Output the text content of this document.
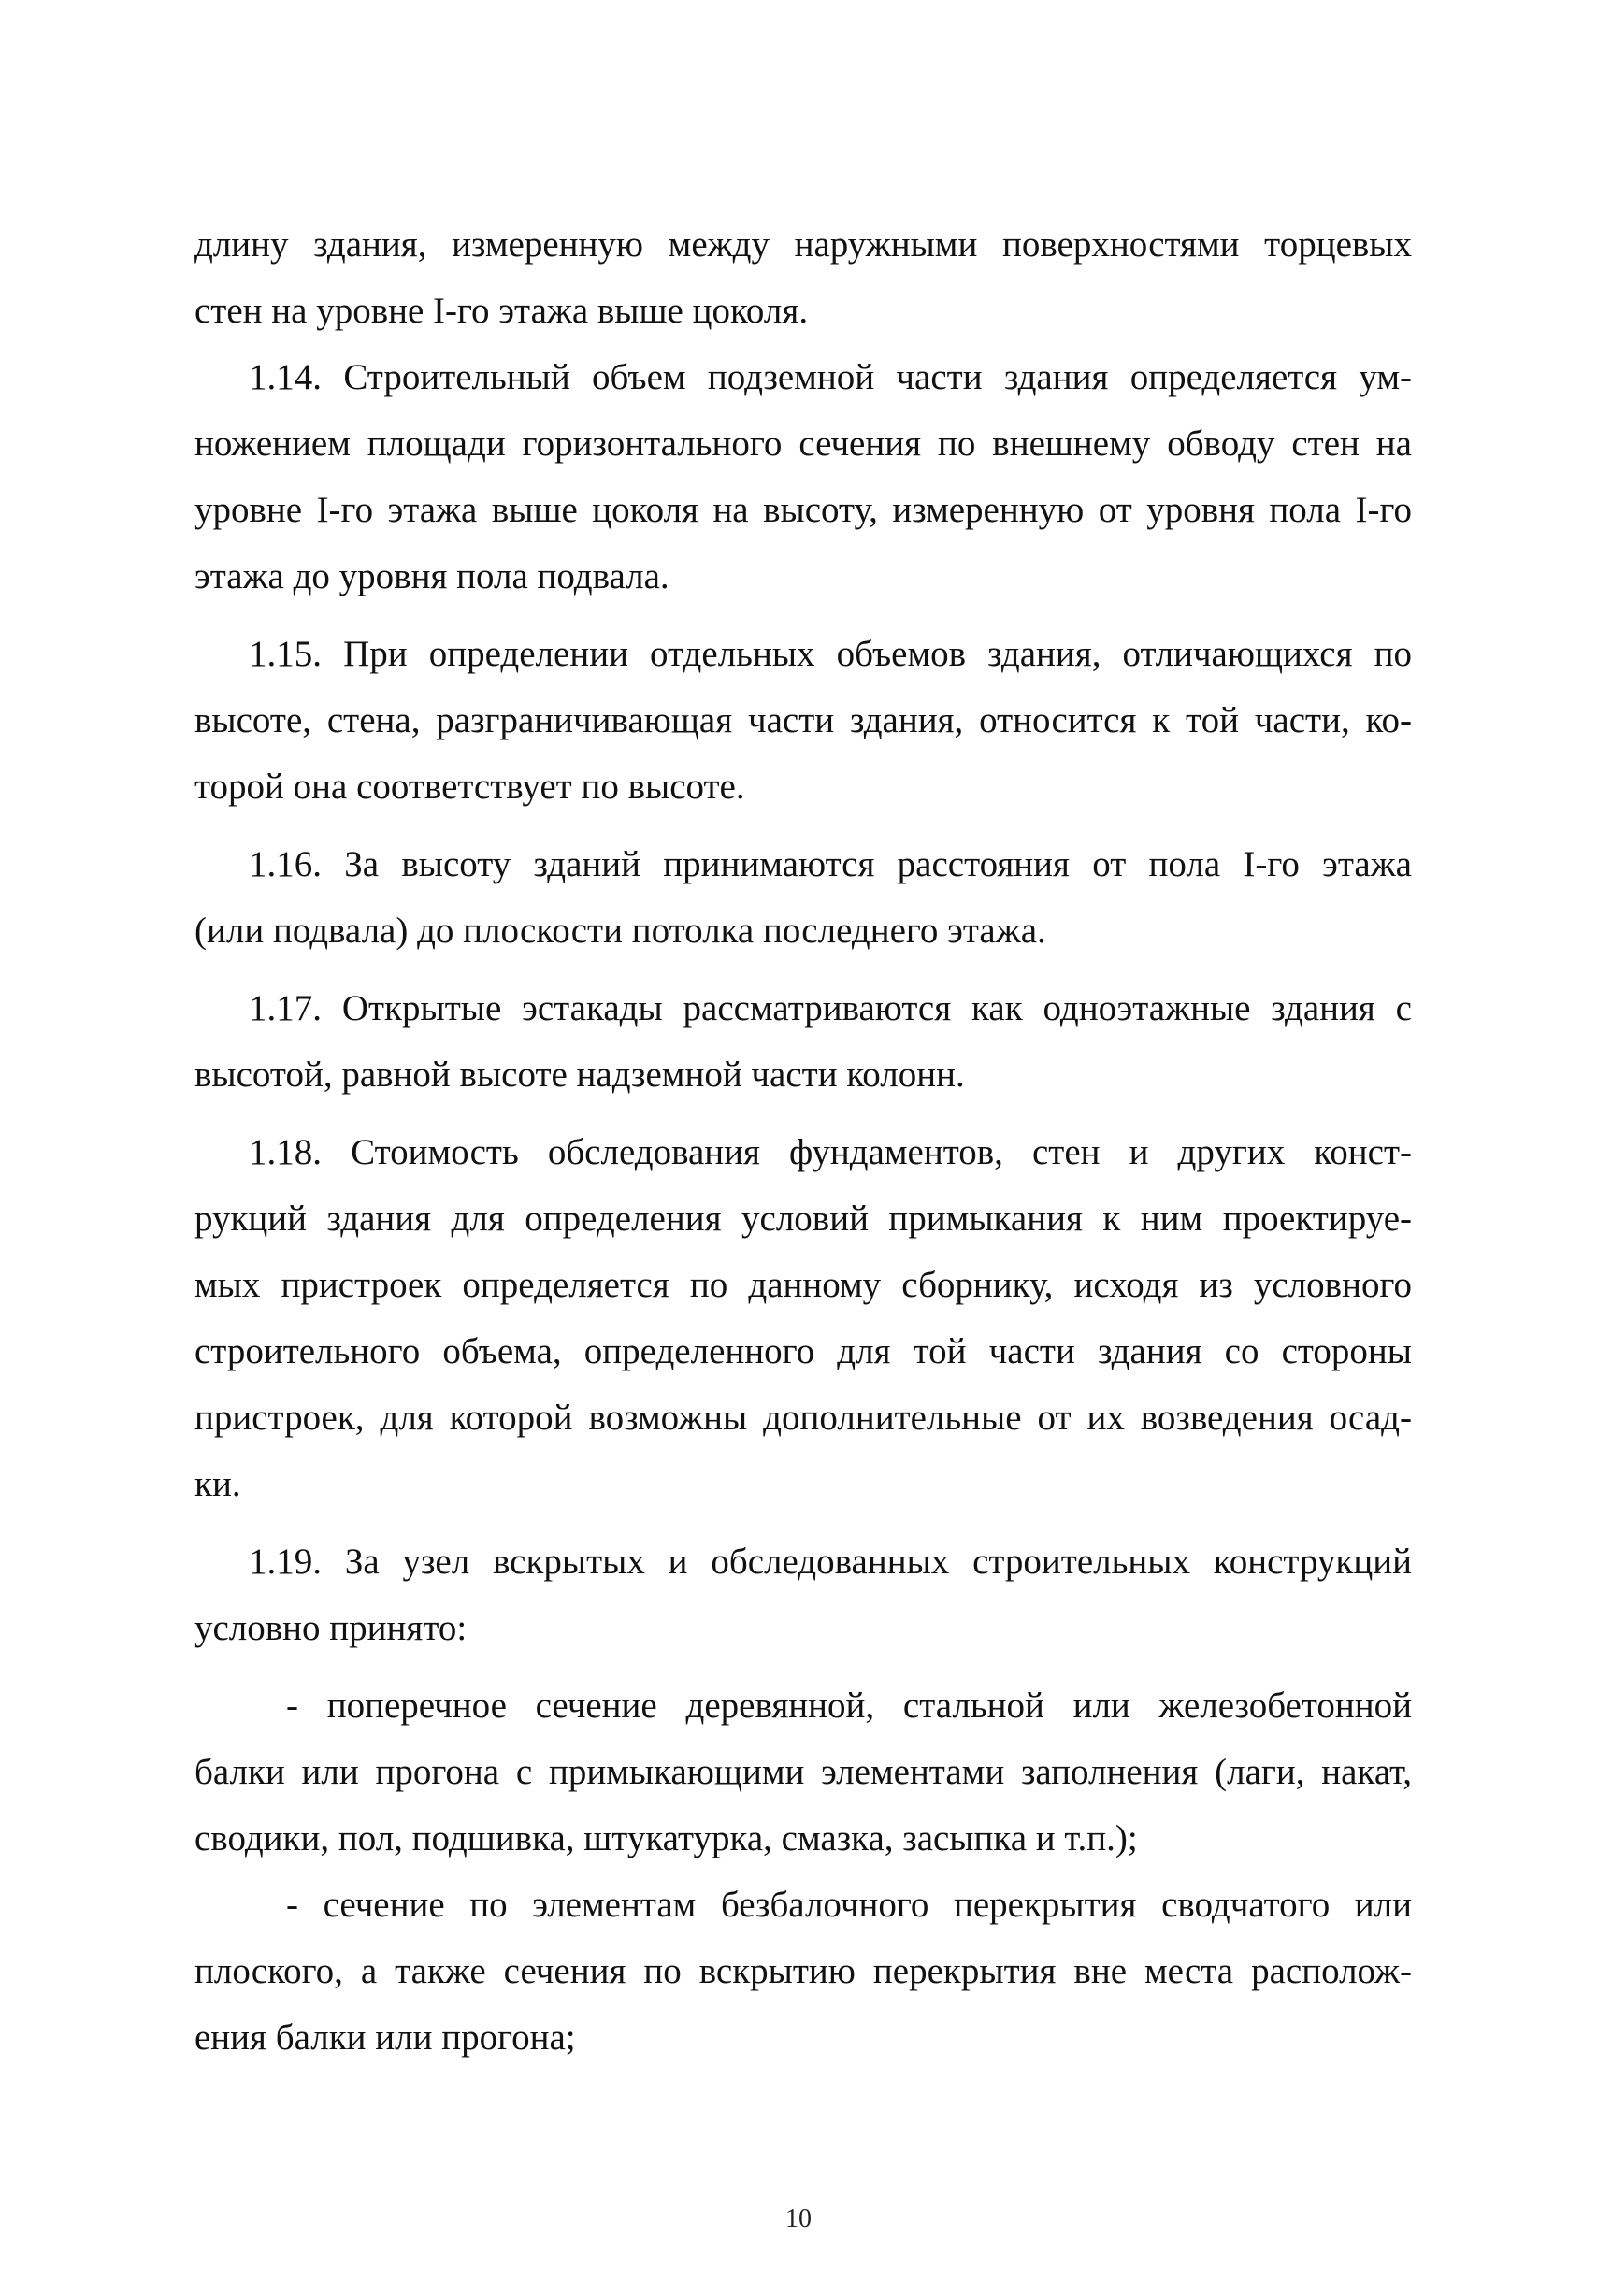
длину здания, измеренную между наружными поверхностями торцевых
стен на уровне I-го этажа выше цоколя.

1.14. Строительный объем подземной части здания определяется ум-
ножением площади горизонтального сечения по внешнему обводу стен на
уровне I-го этажа выше цоколя на высоту, измеренную от уровня пола I-го
этажа до уровня пола подвала.

1.15. При определении отдельных объемов здания, отличающихся по
высоте, стена, разграничивающая части здания, относится к той части, ко-
торой она соответствует по высоте.

1.16. За высоту зданий принимаются расстояния от пола I-го этажа
(или подвала) до плоскости потолка последнего этажа.

1.17. Открытые эстакады рассматриваются как одноэтажные здания с
высотой, равной высоте надземной части колонн.

1.18. Стоимость обследования фундаментов, стен и других конст-
рукций здания для определения условий примыкания к ним проектируе-
мых пристроек определяется по данному сборнику, исходя из условного
строительного объема, определенного для той части здания со стороны
пристроек, для которой возможны дополнительные от их возведения осад-
ки.

1.19. За узел вскрытых и обследованных строительных конструкций
условно принято:

- поперечное сечение деревянной, стальной или железобетонной
балки или прогона с примыкающими элементами заполнения (лаги, накат,
сводики, пол, подшивка, штукатурка, смазка, засыпка и т.п.);

- сечение по элементам безбалочного перекрытия сводчатого или
плоского, а также сечения по вскрытию перекрытия вне места располож-
ения балки или прогона;

10
